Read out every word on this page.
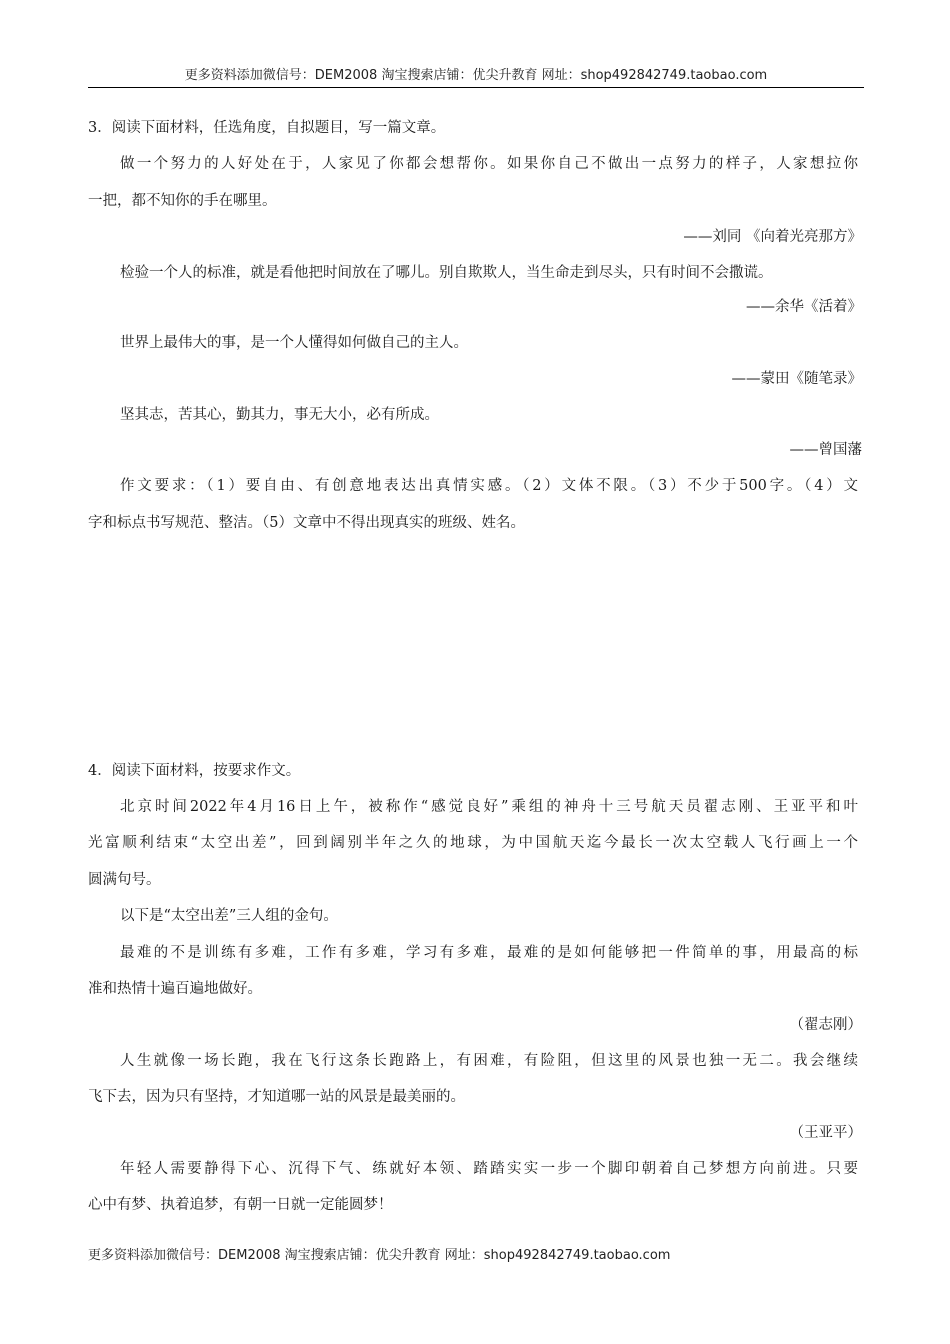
更多资料添加微信号：DEM2008 淘宝搜索店铺：优尖升教育 网址：shop492842749.taobao.com
3．阅读下面材料，任选角度，自拟题目，写一篇文章。
做一个努力的人好处在于，人家见了你都会想帮你。如果你自己不做出一点努力的样子，人家想拉你
一把，都不知你的手在哪里。
——刘同 《向着光亮那方》
检验一个人的标准，就是看他把时间放在了哪儿。别自欺欺人，当生命走到尽头，只有时间不会撒谎。
——余华《活着》
世界上最伟大的事，是一个人懂得如何做自己的主人。
——蒙田《随笔录》
坚其志，苦其心，勤其力，事无大小，必有所成。
——曾国藩
作文要求：（1）要自由、有创意地表达出真情实感。（2）文体不限。（3）不少于500字。（4）文
字和标点书写规范、整洁。（5）文章中不得出现真实的班级、姓名。
4．阅读下面材料，按要求作文。
北京时间2022年4月16日上午，被称作“感觉良好”乘组的神舟十三号航天员翟志刚、王亚平和叶
光富顺利结束“太空出差”，回到阔别半年之久的地球，为中国航天迄今最长一次太空载人飞行画上一个
圆满句号。
以下是“太空出差”三人组的金句。
最难的不是训练有多难，工作有多难，学习有多难，最难的是如何能够把一件简单的事，用最高的标
准和热情十遍百遍地做好。
（翟志刚）
人生就像一场长跑，我在飞行这条长跑路上，有困难，有险阻，但这里的风景也独一无二。我会继续
飞下去，因为只有坚持，才知道哪一站的风景是最美丽的。
（王亚平）
年轻人需要静得下心、沉得下气、练就好本领、踏踏实实一步一个脚印朝着自己梦想方向前进。只要
心中有梦、执着追梦，有朝一日就一定能圆梦！
更多资料添加微信号：DEM2008 淘宝搜索店铺：优尖升教育 网址：shop492842749.taobao.com
